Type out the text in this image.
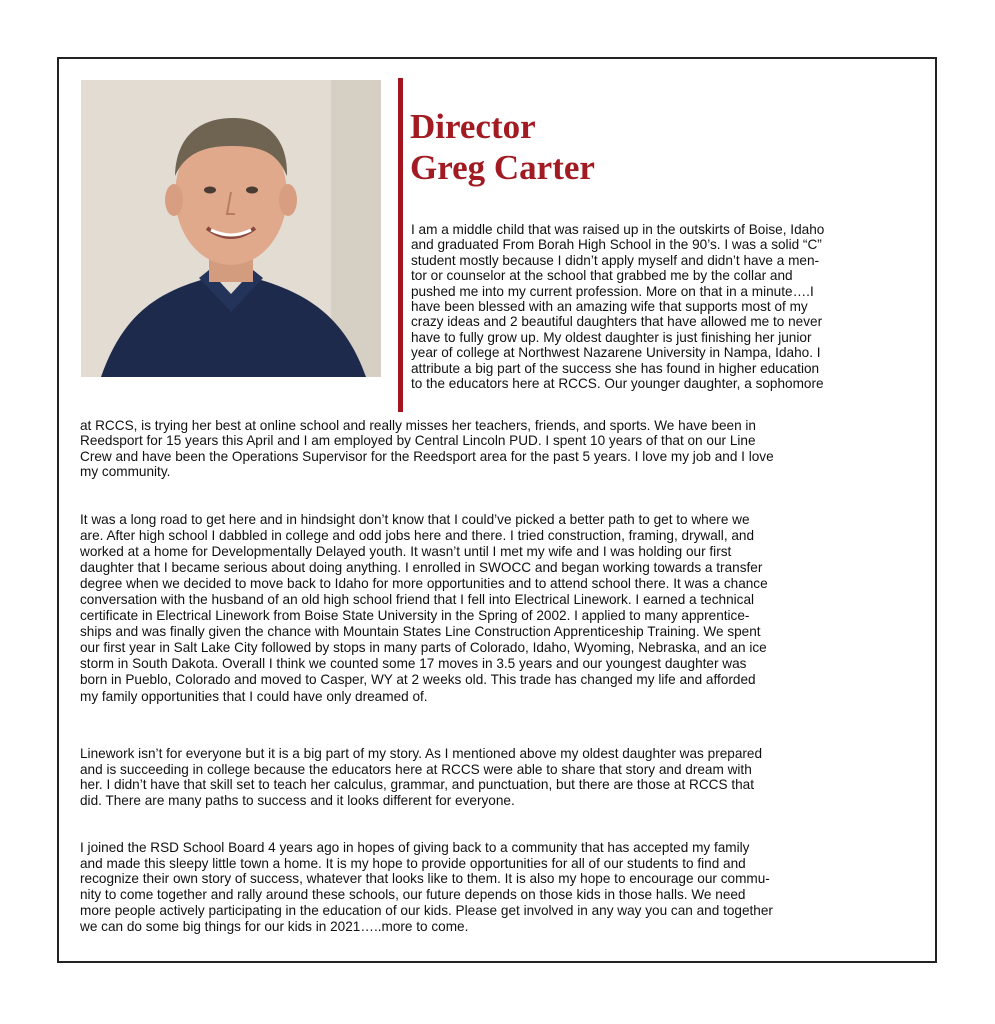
Director
Greg Carter

I am a middle child that was raised up in the outskirts of Boise, Idaho
and graduated From Borah High School in the 90’s. I was a solid “C”
student mostly because I didn’t apply myself and didn’t have a men-
tor or counselor at the school that grabbed me by the collar and
pushed me into my current profession. More on that in a minute….I
have been blessed with an amazing wife that supports most of my
crazy ideas and 2 beautiful daughters that have allowed me to never
have to fully grow up. My oldest daughter is just finishing her junior
year of college at Northwest Nazarene University in Nampa, Idaho. I
attribute a big part of the success she has found in higher education
to the educators here at RCCS. Our younger daughter, a sophomore

at RCCS, is trying her best at online school and really misses her teachers, friends, and sports. We have been in
Reedsport for 15 years this April and I am employed by Central Lincoln PUD. I spent 10 years of that on our Line
Crew and have been the Operations Supervisor for the Reedsport area for the past 5 years. I love my job and I love
my community.

It was a long road to get here and in hindsight don’t know that I could’ve picked a better path to get to where we
are. After high school I dabbled in college and odd jobs here and there. I tried construction, framing, drywall, and
worked at a home for Developmentally Delayed youth. It wasn’t until I met my wife and I was holding our first
daughter that I became serious about doing anything. I enrolled in SWOCC and began working towards a transfer
degree when we decided to move back to Idaho for more opportunities and to attend school there. It was a chance
conversation with the husband of an old high school friend that I fell into Electrical Linework. I earned a technical
certificate in Electrical Linework from Boise State University in the Spring of 2002. I applied to many apprentice-
ships and was finally given the chance with Mountain States Line Construction Apprenticeship Training. We spent
our first year in Salt Lake City followed by stops in many parts of Colorado, Idaho, Wyoming, Nebraska, and an ice
storm in South Dakota. Overall I think we counted some 17 moves in 3.5 years and our youngest daughter was
born in Pueblo, Colorado and moved to Casper, WY at 2 weeks old. This trade has changed my life and afforded
my family opportunities that I could have only dreamed of.

Linework isn’t for everyone but it is a big part of my story. As I mentioned above my oldest daughter was prepared
and is succeeding in college because the educators here at RCCS were able to share that story and dream with
her. I didn’t have that skill set to teach her calculus, grammar, and punctuation, but there are those at RCCS that
did. There are many paths to success and it looks different for everyone.

I joined the RSD School Board 4 years ago in hopes of giving back to a community that has accepted my family
and made this sleepy little town a home. It is my hope to provide opportunities for all of our students to find and
recognize their own story of success, whatever that looks like to them. It is also my hope to encourage our commu-
nity to come together and rally around these schools, our future depends on those kids in those halls. We need
more people actively participating in the education of our kids. Please get involved in any way you can and together
we can do some big things for our kids in 2021…..more to come.
